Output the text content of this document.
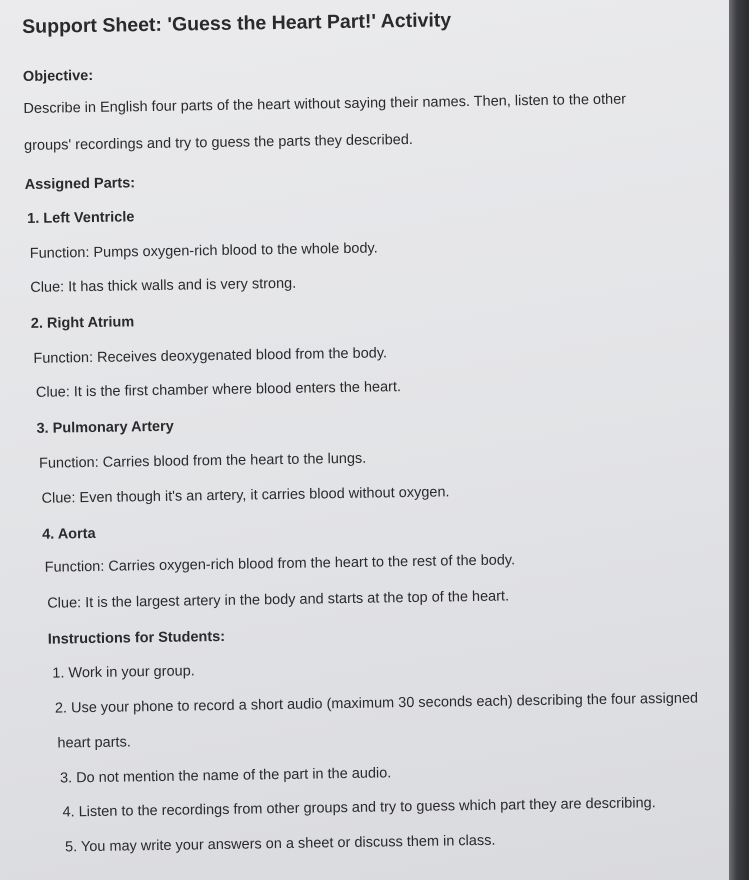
Support Sheet: 'Guess the Heart Part!' Activity
Objective:
Describe in English four parts of the heart without saying their names. Then, listen to the other
groups' recordings and try to guess the parts they described.
Assigned Parts:
1. Left Ventricle
Function: Pumps oxygen-rich blood to the whole body.
Clue: It has thick walls and is very strong.
2. Right Atrium
Function: Receives deoxygenated blood from the body.
Clue: It is the first chamber where blood enters the heart.
3. Pulmonary Artery
Function: Carries blood from the heart to the lungs.
Clue: Even though it's an artery, it carries blood without oxygen.
4. Aorta
Function: Carries oxygen-rich blood from the heart to the rest of the body.
Clue: It is the largest artery in the body and starts at the top of the heart.
Instructions for Students:
1. Work in your group.
2. Use your phone to record a short audio (maximum 30 seconds each) describing the four assigned
heart parts.
3. Do not mention the name of the part in the audio.
4. Listen to the recordings from other groups and try to guess which part they are describing.
5. You may write your answers on a sheet or discuss them in class.
